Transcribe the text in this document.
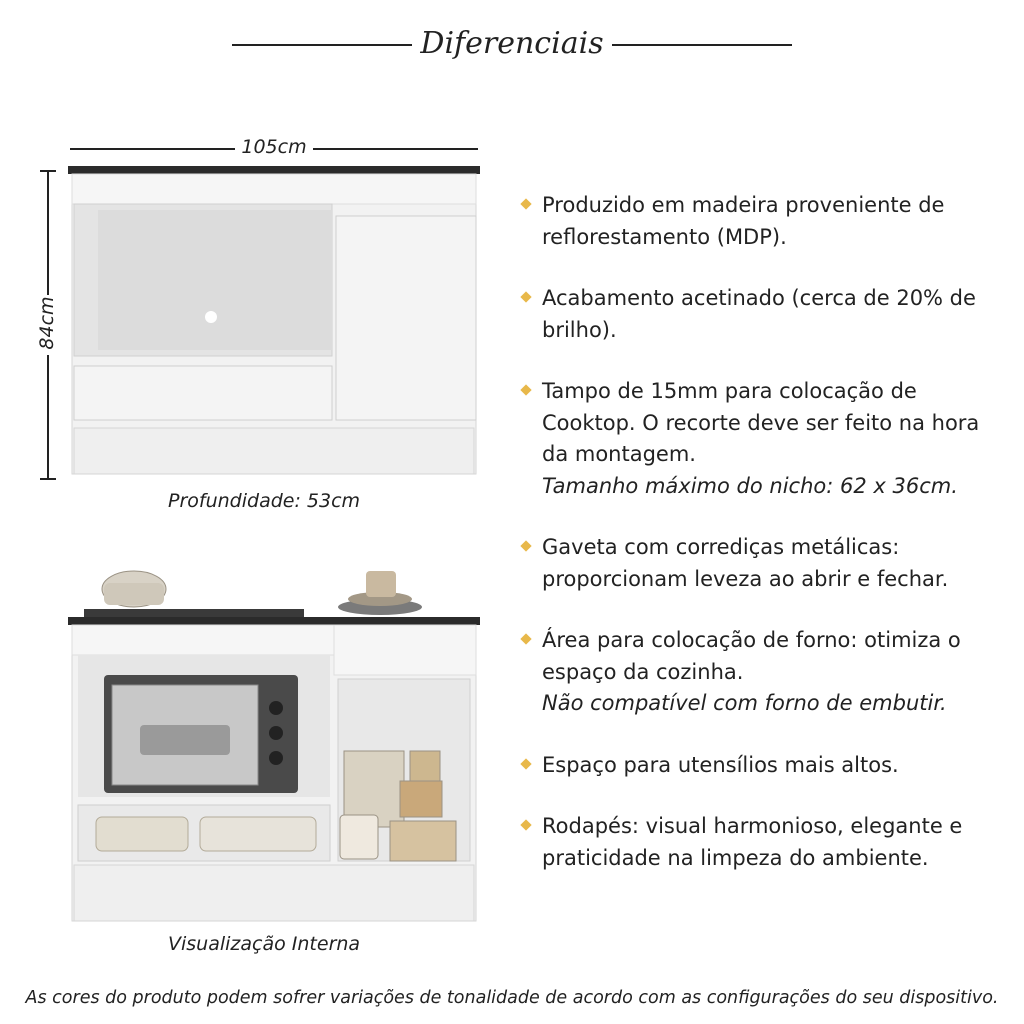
Diferenciais
105cm
84cm
Profundidade: 53cm
Visualização Interna
Produzido em madeira proveniente de reflorestamento (MDP).
Acabamento acetinado (cerca de 20% de brilho).
Tampo de 15mm para colocação de Cooktop. O recorte deve ser feito na hora da montagem.
Tamanho máximo do nicho: 62 x 36cm.
Gaveta com corrediças metálicas: proporcionam leveza ao abrir e fechar.
Área para colocação de forno: otimiza o espaço da cozinha.
Não compatível com forno de embutir.
Espaço para utensílios mais altos.
Rodapés: visual harmonioso, elegante e praticidade na limpeza do ambiente.
As cores do produto podem sofrer variações de tonalidade de acordo com as configurações do seu dispositivo.
